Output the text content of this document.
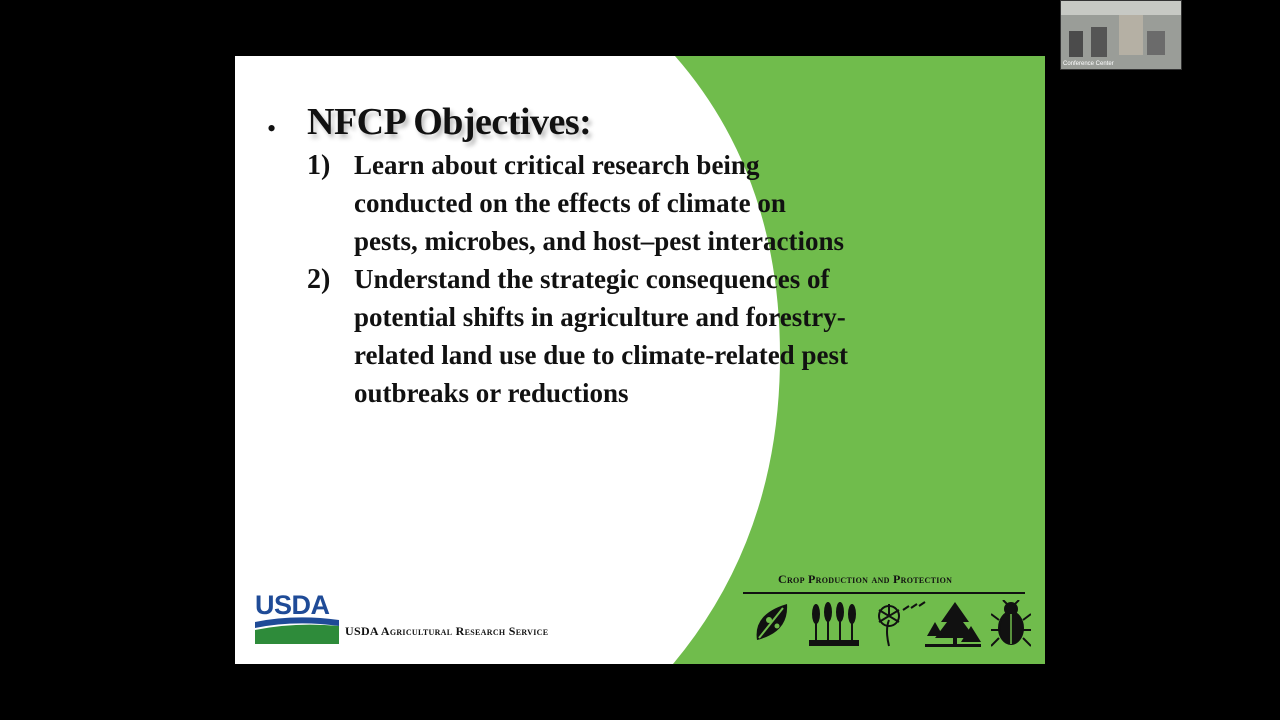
• NFCP Objectives:
1) Learn about critical research being
conducted on the effects of climate on
pests, microbes, and host–pest interactions
2) Understand the strategic consequences of
potential shifts in agriculture and forestry-
related land use due to climate-related pest
outbreaks or reductions
USDA
USDA Agricultural Research Service
Crop Production and Protection
Conference Center
